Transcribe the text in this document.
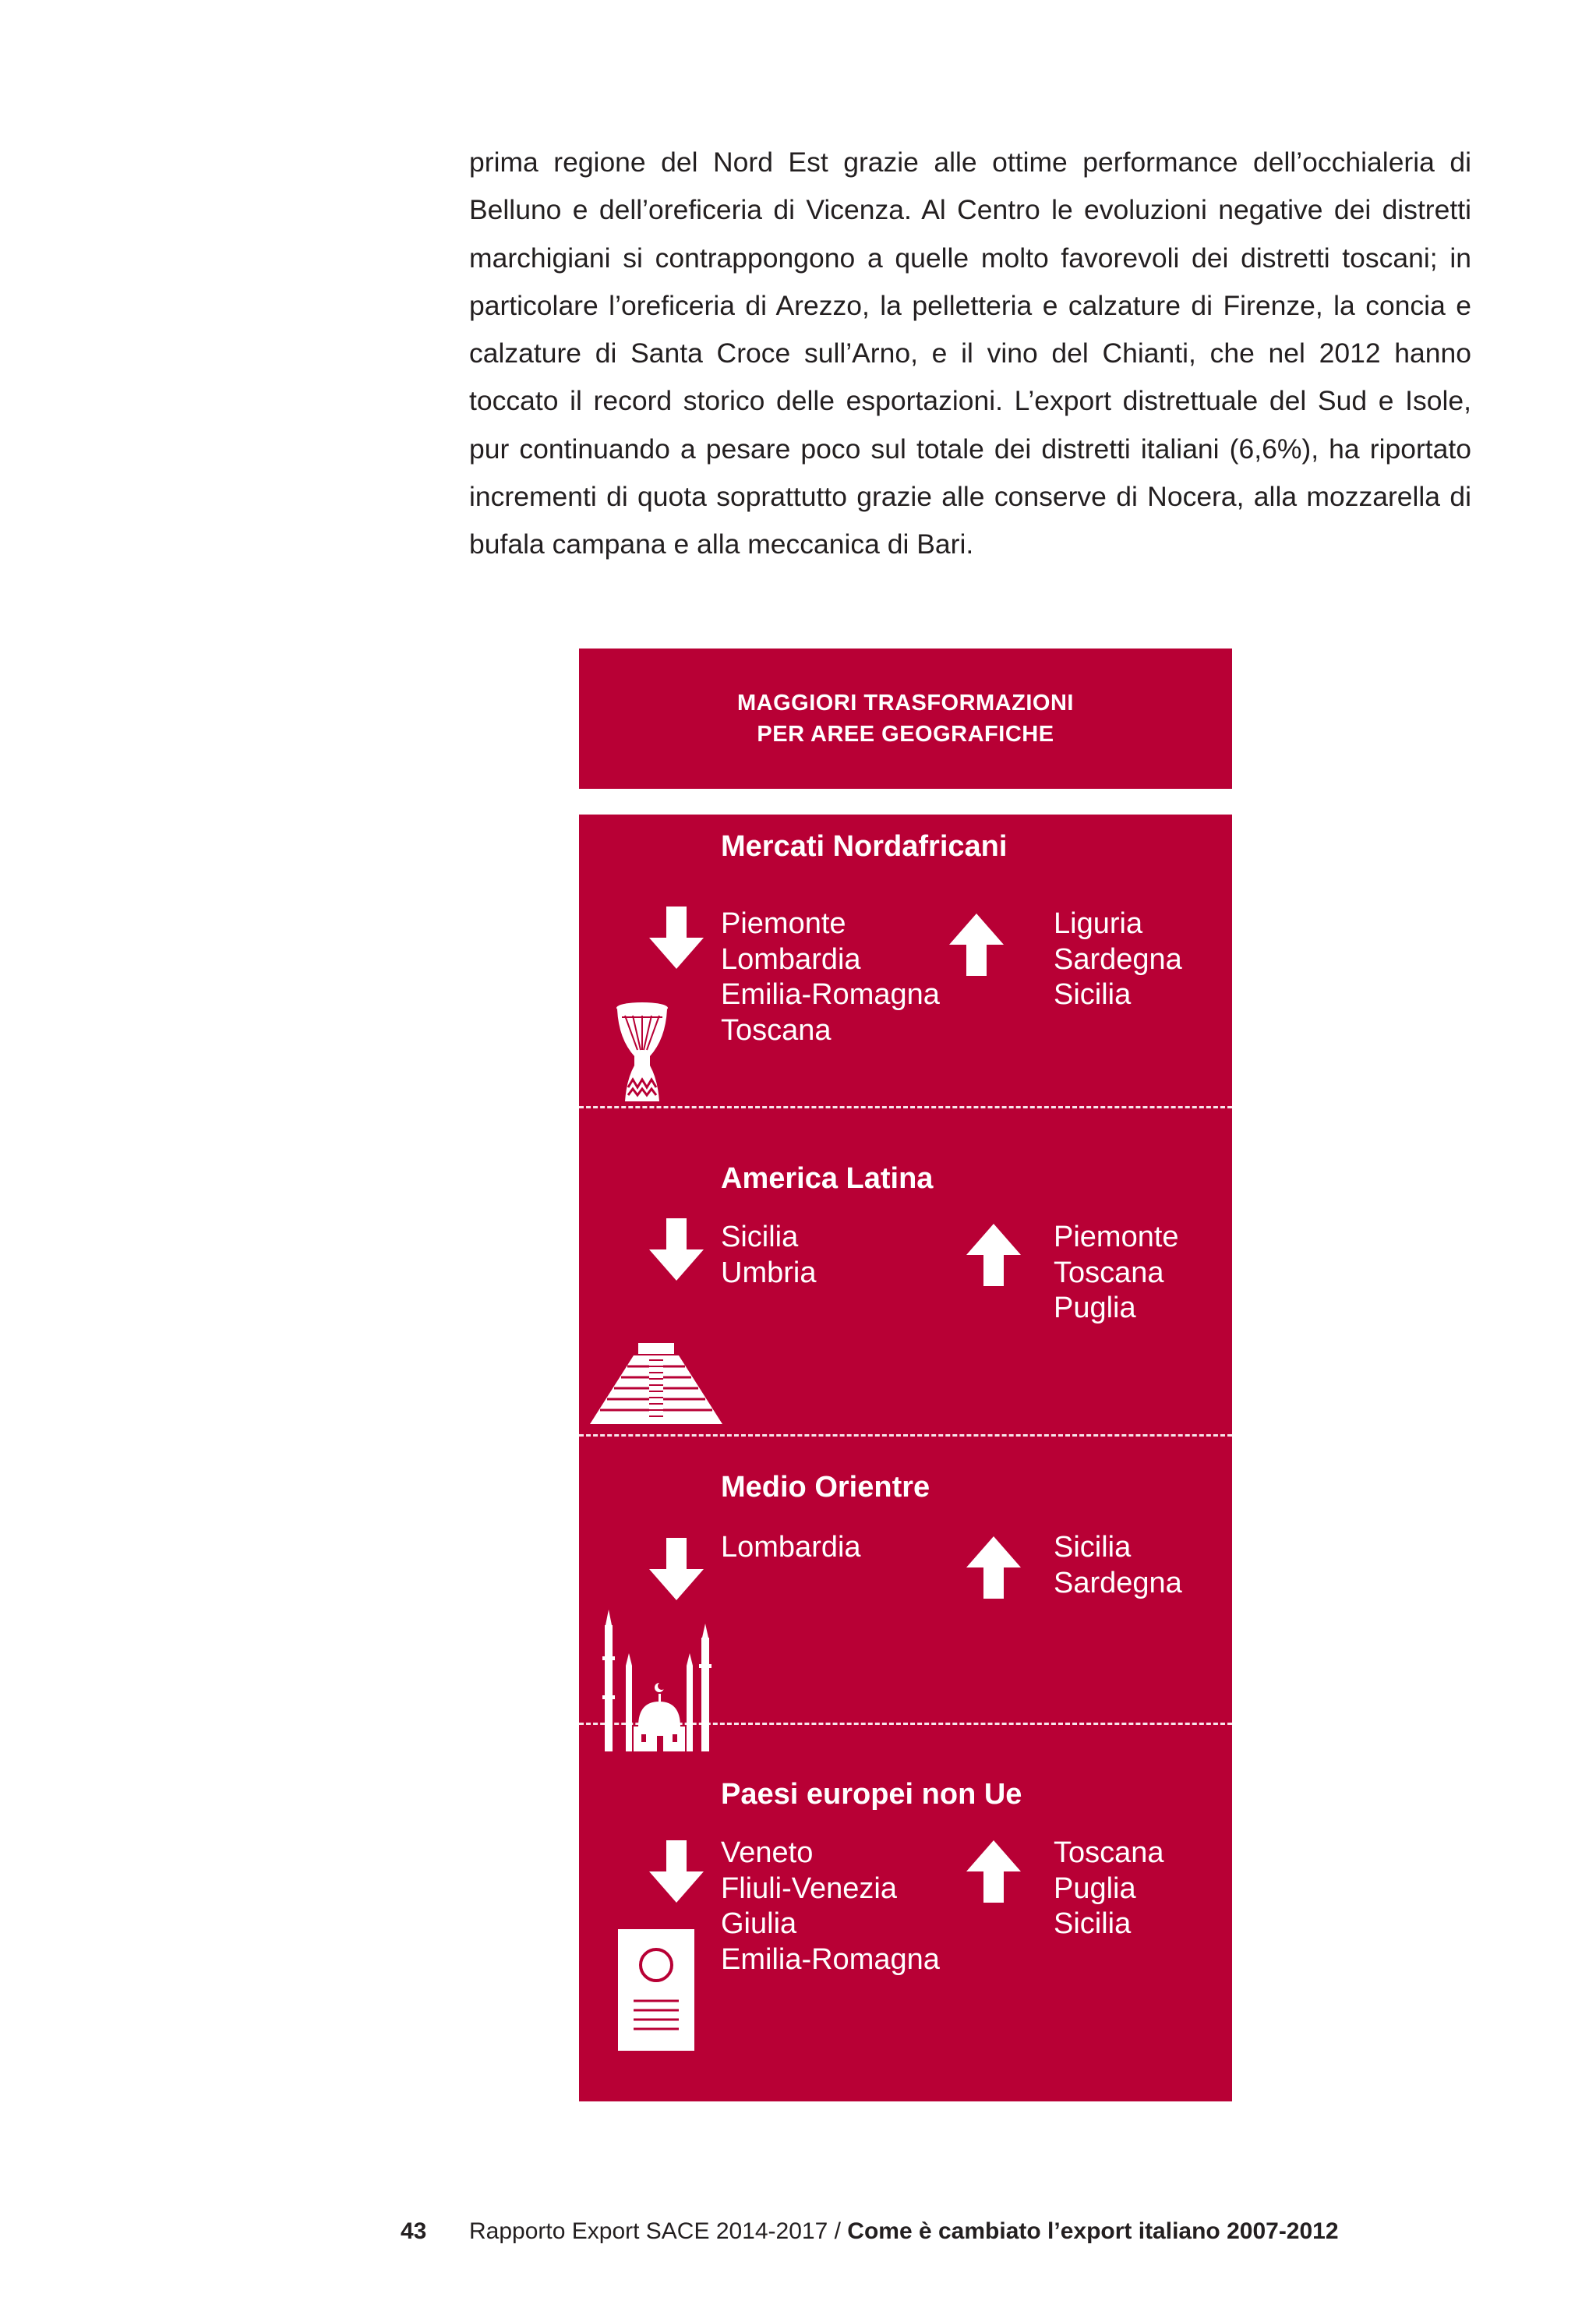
prima regione del Nord Est grazie alle ottime performance dell’occhialeria di Belluno e dell’oreficeria di Vicenza. Al Centro le evoluzioni negative dei distretti marchigiani si contrappongono a quelle molto favorevoli dei distretti toscani; in particolare l’oreficeria di Arezzo, la pelletteria e calzature di Firenze, la concia e calzature di Santa Croce sull’Arno, e il vino del Chianti, che nel 2012 hanno toccato il record storico delle esportazioni. L’export distrettuale del Sud e Isole, pur continuando a pesare poco sul totale dei distretti italiani (6,6%), ha riportato incrementi di quota soprattutto grazie alle conserve di Nocera, alla mozzarella di bufala campana e alla meccanica di Bari.

MAGGIORI TRASFORMAZIONI
PER AREE GEOGRAFICHE
Mercati Nordafricani
Piemonte
Lombardia
Emilia-Romagna
Toscana
Liguria
Sardegna
Sicilia
America Latina
Sicilia
Umbria
Piemonte
Toscana
Puglia
Medio Orientre
Lombardia	Sicilia
Sardegna
Paesi europei non Ue
Veneto
Fliuli-Venezia
Giulia
Emilia-Romagna
Toscana
Puglia
Sicilia
43 Rapporto Export SACE 2014-2017 / Come è cambiato l’export italiano 2007-2012
